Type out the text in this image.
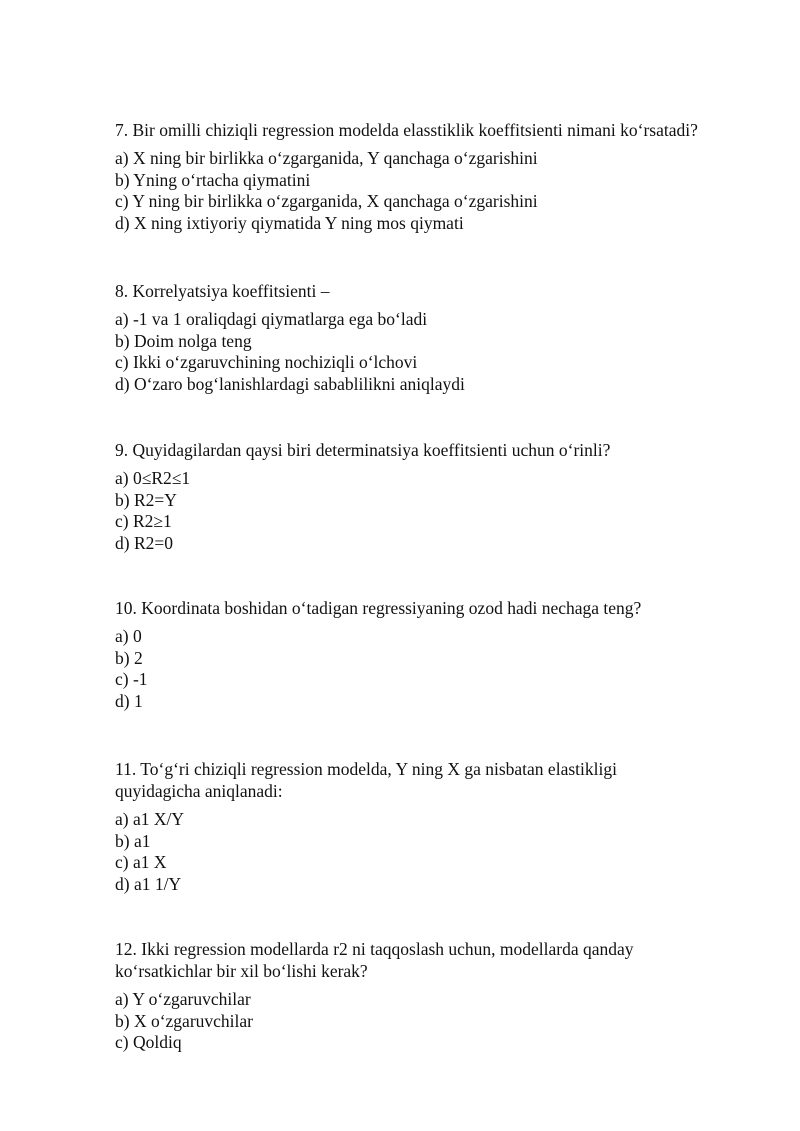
7. Bir omilli chiziqli regression modelda elasstiklik koeffitsienti nimani ko‘rsatadi?

a) X ning bir birlikka o‘zgarganida, Y qanchaga o‘zgarishini
b) Yning o‘rtacha qiymatini
c) Y ning bir birlikka o‘zgarganida, X qanchaga o‘zgarishini
d) X ning ixtiyoriy qiymatida Y ning mos qiymati

8. Korrelyatsiya koeffitsienti –

a) -1 va 1 oraliqdagi qiymatlarga ega bo‘ladi
b) Doim nolga teng
c) Ikki o‘zgaruvchining nochiziqli o‘lchovi
d) O‘zaro bog‘lanishlardagi sabablilikni aniqlaydi

9. Quyidagilardan qaysi biri determinatsiya koeffitsienti uchun o‘rinli?

a) 0≤R2≤1
b) R2=Y
c) R2≥1
d) R2=0

10. Koordinata boshidan o‘tadigan regressiyaning ozod hadi nechaga teng?

a) 0
b) 2
c) -1
d) 1

11. To‘g‘ri chiziqli regression modelda, Y ning X ga nisbatan elastikligi
quyidagicha aniqlanadi:

a) a1 X/Y
b) a1
c) a1 X
d) a1 1/Y

12. Ikki regression modellarda r2 ni taqqoslash uchun, modellarda qanday
ko‘rsatkichlar bir xil bo‘lishi kerak?

a) Y o‘zgaruvchilar
b) X o‘zgaruvchilar
c) Qoldiq
